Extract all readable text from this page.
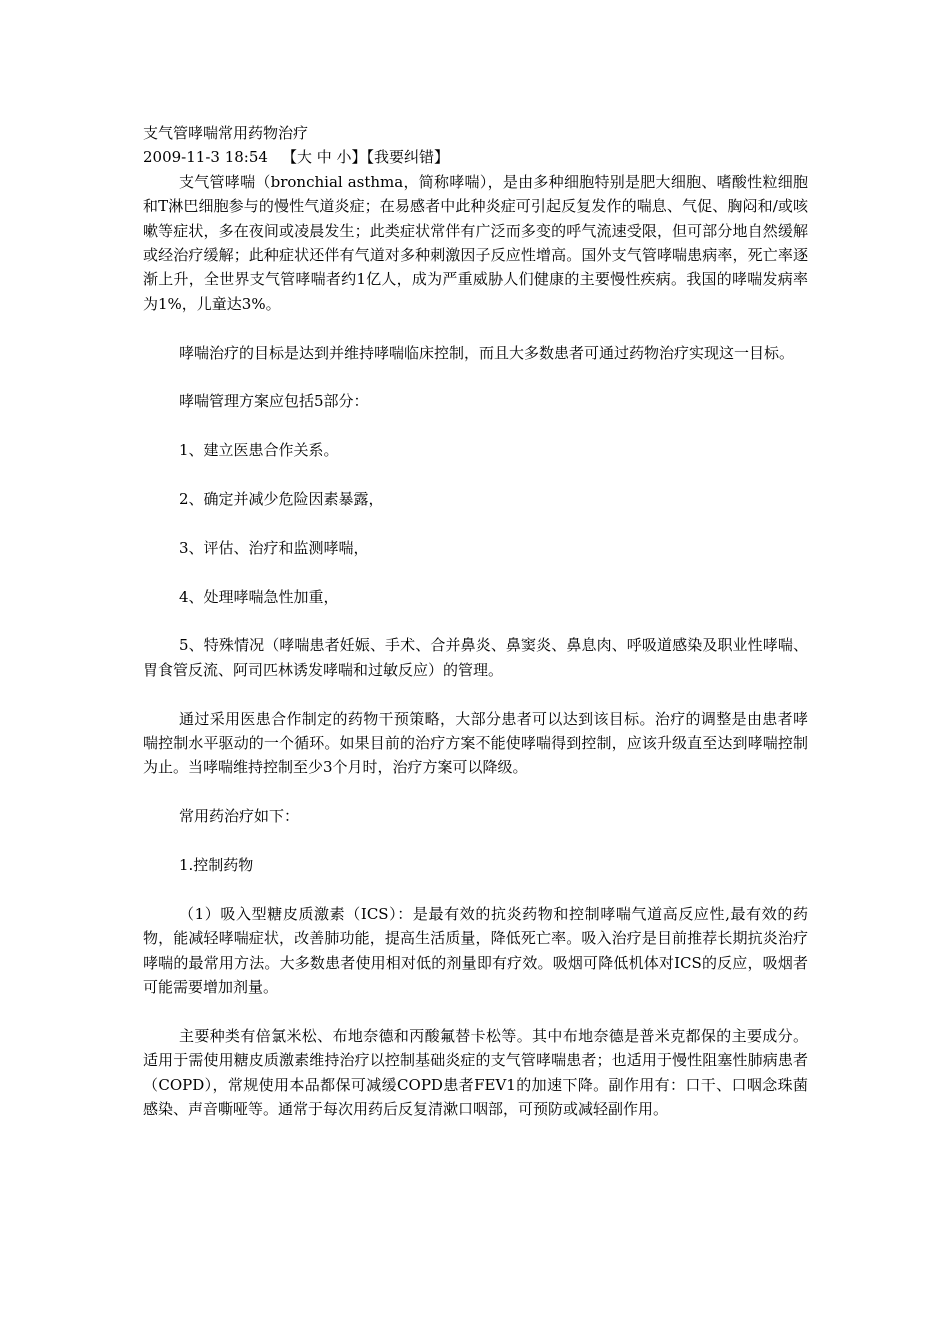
支气管哮喘常用药物治疗
2009-11-3 18:54 【大 中 小】【我要纠错】

支气管哮喘（bronchial asthma，简称哮喘），是由多种细胞特别是肥大细胞、嗜酸性粒细胞和T淋巴细胞参与的慢性气道炎症；在易感者中此种炎症可引起反复发作的喘息、气促、胸闷和/或咳嗽等症状，多在夜间或凌晨发生；此类症状常伴有广泛而多变的呼气流速受限，但可部分地自然缓解或经治疗缓解；此种症状还伴有气道对多种刺激因子反应性增高。国外支气管哮喘患病率，死亡率逐渐上升，全世界支气管哮喘者约1亿人，成为严重威胁人们健康的主要慢性疾病。我国的哮喘发病率为1%，儿童达3%。

哮喘治疗的目标是达到并维持哮喘临床控制，而且大多数患者可通过药物治疗实现这一目标。

哮喘管理方案应包括5部分：

1、建立医患合作关系。

2、确定并减少危险因素暴露，

3、评估、治疗和监测哮喘，

4、处理哮喘急性加重，

5、特殊情况（哮喘患者妊娠、手术、合并鼻炎、鼻窦炎、鼻息肉、呼吸道感染及职业性哮喘、胃食管反流、阿司匹林诱发哮喘和过敏反应）的管理。

通过采用医患合作制定的药物干预策略，大部分患者可以达到该目标。治疗的调整是由患者哮喘控制水平驱动的一个循环。如果目前的治疗方案不能使哮喘得到控制，应该升级直至达到哮喘控制为止。当哮喘维持控制至少3个月时，治疗方案可以降级。

常用药治疗如下：

1.控制药物

（1）吸入型糖皮质激素（ICS）：是最有效的抗炎药物和控制哮喘气道高反应性,最有效的药物，能减轻哮喘症状，改善肺功能，提高生活质量，降低死亡率。吸入治疗是目前推荐长期抗炎治疗哮喘的最常用方法。大多数患者使用相对低的剂量即有疗效。吸烟可降低机体对ICS的反应，吸烟者可能需要增加剂量。

主要种类有倍氯米松、布地奈德和丙酸氟替卡松等。其中布地奈德是普米克都保的主要成分。适用于需使用糖皮质激素维持治疗以控制基础炎症的支气管哮喘患者；也适用于慢性阻塞性肺病患者（COPD），常规使用本品都保可减缓COPD患者FEV1的加速下降。副作用有：口干、口咽念珠菌感染、声音嘶哑等。通常于每次用药后反复清漱口咽部，可预防或减轻副作用。
